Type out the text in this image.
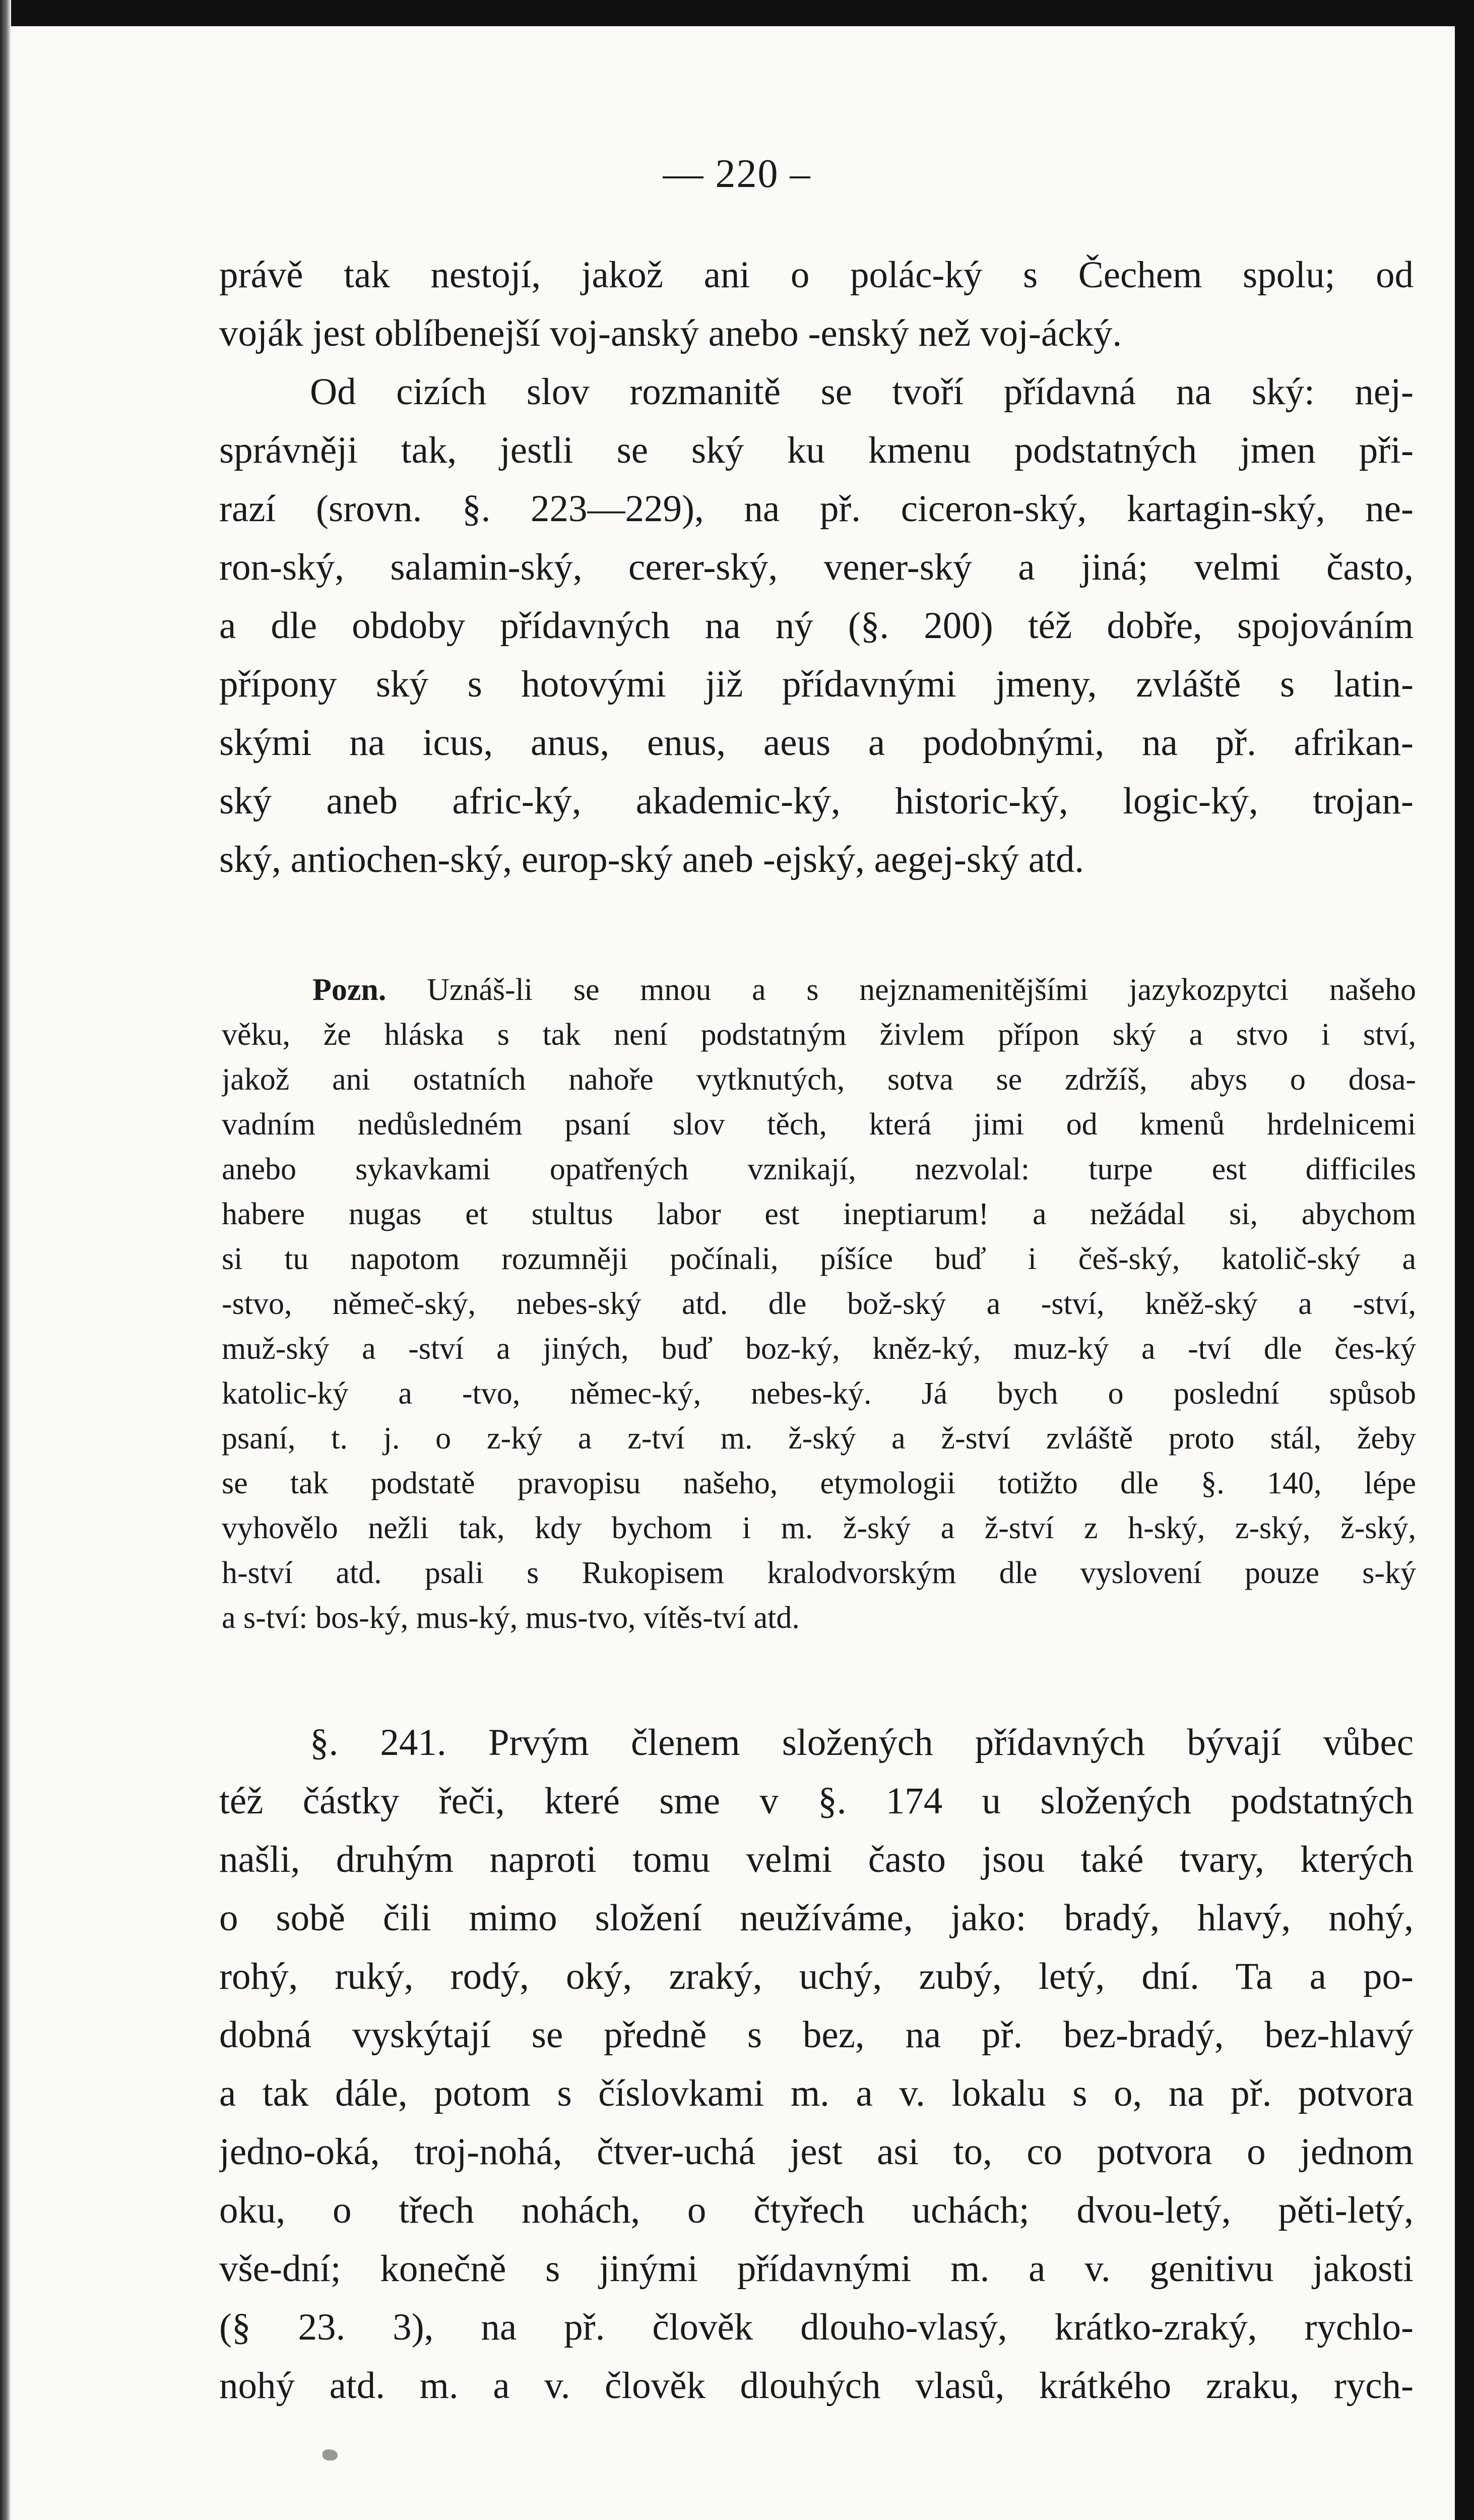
— 220 –
právě tak nestojí, jakož ani o polác-ký s Čechem spolu; od
voják jest oblíbenejší voj-anský anebo -enský než voj-ácký.
Od cizích slov rozmanitě se tvoří přídavná na ský: nej-
správněji tak, jestli se ský ku kmenu podstatných jmen při-
razí (srovn. §. 223—229), na př. ciceron-ský, kartagin-ský, ne-
ron-ský, salamin-ský, cerer-ský, vener-ský a jiná; velmi často,
a dle obdoby přídavných na ný (§. 200) též dobře, spojováním
přípony ský s hotovými již přídavnými jmeny, zvláště s latin-
skými na icus, anus, enus, aeus a podobnými, na př. afrikan-
ský aneb afric-ký, akademic-ký, historic-ký, logic-ký, trojan-
ský, antiochen-ský, europ-ský aneb -ejský, aegej-ský atd.
Pozn. Uznáš-li se mnou a s nejznamenitějšími jazykozpytci našeho
věku, že hláska s tak není podstatným živlem přípon ský a stvo i ství,
jakož ani ostatních nahoře vytknutých, sotva se zdržíš, abys o dosa-
vadním nedůsledném psaní slov těch, která jimi od kmenů hrdelnicemi
anebo sykavkami opatřených vznikají, nezvolal: turpe est difficiles
habere nugas et stultus labor est ineptiarum! a nežádal si, abychom
si tu napotom rozumněji počínali, píšíce buď i češ-ský, katolič-ský a
-stvo, němeč-ský, nebes-ský atd. dle bož-ský a -ství, kněž-ský a -ství,
muž-ský a -ství a jiných, buď boz-ký, kněz-ký, muz-ký a -tví dle čes-ký
katolic-ký a -tvo, němec-ký, nebes-ký. Já bych o poslední spůsob
psaní, t. j. o z-ký a z-tví m. ž-ský a ž-ství zvláště proto stál, žeby
se tak podstatě pravopisu našeho, etymologii totižto dle §. 140, lépe
vyhovělo nežli tak, kdy bychom i m. ž-ský a ž-ství z h-ský, z-ský, ž-ský,
h-ství atd. psali s Rukopisem kralodvorským dle vyslovení pouze s-ký
a s-tví: bos-ký, mus-ký, mus-tvo, vítěs-tví atd.
§. 241. Prvým členem složených přídavných bývají vůbec
též částky řeči, které sme v §. 174 u složených podstatných
našli, druhým naproti tomu velmi často jsou také tvary, kterých
o sobě čili mimo složení neužíváme, jako: bradý, hlavý, nohý,
rohý, ruký, rodý, oký, zraký, uchý, zubý, letý, dní. Ta a po-
dobná vyskýtají se předně s bez, na př. bez-bradý, bez-hlavý
a tak dále, potom s číslovkami m. a v. lokalu s o, na př. potvora
jedno-oká, troj-nohá, čtver-uchá jest asi to, co potvora o jednom
oku, o třech nohách, o čtyřech uchách; dvou-letý, pěti-letý,
vše-dní; konečně s jinými přídavnými m. a v. genitivu jakosti
(§ 23. 3), na př. člověk dlouho-vlasý, krátko-zraký, rychlo-
nohý atd. m. a v. člověk dlouhých vlasů, krátkého zraku, rych-
